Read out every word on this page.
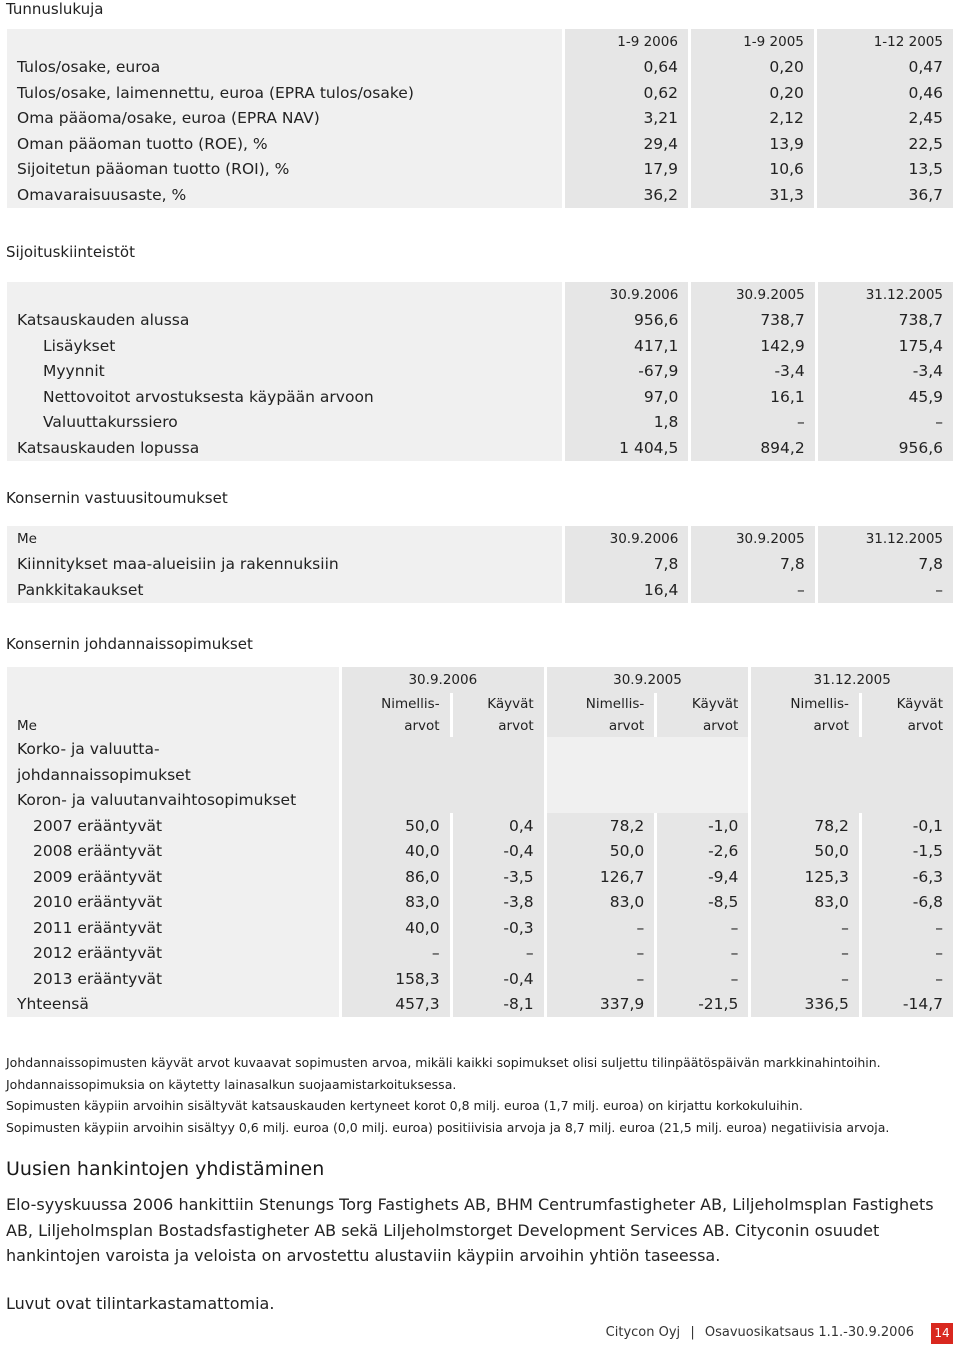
Tunnuslukuja
	1-9 2006	1-9 2005	1-12 2005
Tulos/osake, euroa	0,64	0,20	0,47
Tulos/osake, laimennettu, euroa (EPRA tulos/osake)	0,62	0,20	0,46
Oma pääoma/osake, euroa (EPRA NAV)	3,21	2,12	2,45
Oman pääoman tuotto (ROE), %	29,4	13,9	22,5
Sijoitetun pääoman tuotto (ROI), %	17,9	10,6	13,5
Omavaraisuusaste, %	36,2	31,3	36,7
Sijoituskiinteistöt
	30.9.2006	30.9.2005	31.12.2005
Katsauskauden alussa	956,6	738,7	738,7
Lisäykset	417,1	142,9	175,4
Myynnit	-67,9	-3,4	-3,4
Nettovoitot arvostuksesta käypään arvoon	97,0	16,1	45,9
Valuuttakurssiero	1,8	–	–
Katsauskauden lopussa	1 404,5	894,2	956,6
Konsernin vastuusitoumukset
Me	30.9.2006	30.9.2005	31.12.2005
Kiinnitykset maa-alueisiin ja rakennuksiin	7,8	7,8	7,8
Pankkitakaukset	16,4	–	–
Konsernin johdannaissopimukset
	30.9.2006		30.9.2005		31.12.2005	
	Nimellis-	Käyvät	Nimellis-	Käyvät	Nimellis-	Käyvät
Me	arvot	arvot	arvot	arvot	arvot	arvot
Korko- ja valuutta-						
johdannaissopimukset						
Koron- ja valuutanvaihtosopimukset						
2007 erääntyvät	50,0	0,4	78,2	-1,0	78,2	-0,1
2008 erääntyvät	40,0	-0,4	50,0	-2,6	50,0	-1,5
2009 erääntyvät	86,0	-3,5	126,7	-9,4	125,3	-6,3
2010 erääntyvät	83,0	-3,8	83,0	-8,5	83,0	-6,8
2011 erääntyvät	40,0	-0,3	–	–	–	–
2012 erääntyvät	–	–	–	–	–	–
2013 erääntyvät	158,3	-0,4	–	–	–	–
Yhteensä	457,3	-8,1	337,9	-21,5	336,5	-14,7
Johdannaissopimusten käyvät arvot kuvaavat sopimusten arvoa, mikäli kaikki sopimukset olisi suljettu tilinpäätöspäivän markkinahintoihin.
Johdannaissopimuksia on käytetty lainasalkun suojaamistarkoituksessa.
Sopimusten käypiin arvoihin sisältyvät katsauskauden kertyneet korot 0,8 milj. euroa (1,7 milj. euroa) on kirjattu korkokuluihin.
Sopimusten käypiin arvoihin sisältyy 0,6 milj. euroa (0,0 milj. euroa) positiivisia arvoja ja 8,7 milj. euroa (21,5 milj. euroa) negatiivisia arvoja.
Uusien hankintojen yhdistäminen
Elo-syyskuussa 2006 hankittiin Stenungs Torg Fastighets AB, BHM Centrumfastigheter AB, Liljeholmsplan Fastighets AB, Liljeholmsplan Bostadsfastigheter AB sekä Liljeholmstorget Development Services AB. Cityconin osuudet hankintojen varoista ja veloista on arvostettu alustaviin käypiin arvoihin yhtiön taseessa.
Luvut ovat tilintarkastamattomia.
Citycon Oyj | Osavuosikatsaus 1.1.-30.9.2006 14
